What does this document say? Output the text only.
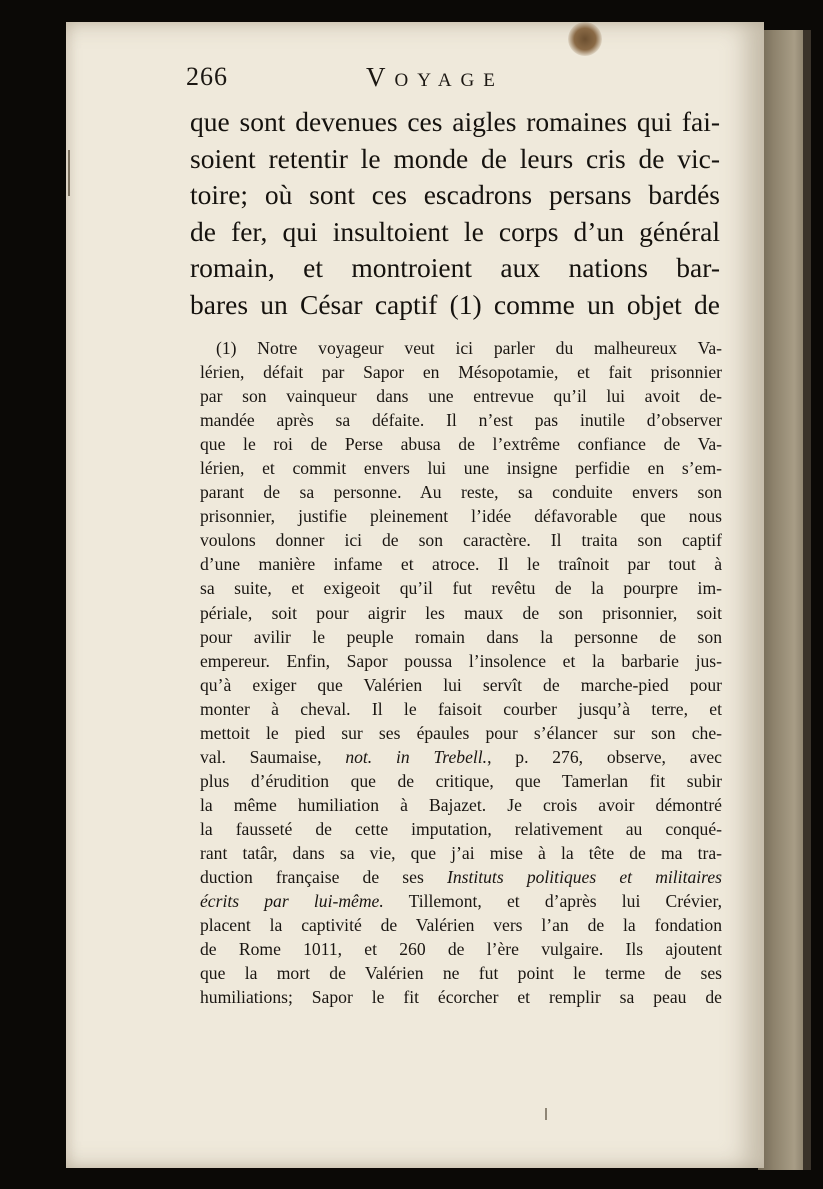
266	Voyage
que sont devenues ces aigles romaines qui fai-
soient retentir le monde de leurs cris de vic-
toire; où sont ces escadrons persans bardés
de fer, qui insultoient le corps d’un général
romain, et montroient aux nations bar-
bares un César captif (1) comme un objet de
(1) Notre voyageur veut ici parler du malheureux Va-
lérien, défait par Sapor en Mésopotamie, et fait prisonnier
par son vainqueur dans une entrevue qu’il lui avoit de-
mandée après sa défaite. Il n’est pas inutile d’observer
que le roi de Perse abusa de l’extrême confiance de Va-
lérien, et commit envers lui une insigne perfidie en s’em-
parant de sa personne. Au reste, sa conduite envers son
prisonnier, justifie pleinement l’idée défavorable que nous
voulons donner ici de son caractère. Il traita son captif
d’une manière infame et atroce. Il le traînoit par tout à
sa suite, et exigeoit qu’il fut revêtu de la pourpre im-
périale, soit pour aigrir les maux de son prisonnier, soit
pour avilir le peuple romain dans la personne de son
empereur. Enfin, Sapor poussa l’insolence et la barbarie jus-
qu’à exiger que Valérien lui servît de marche-pied pour
monter à cheval. Il le faisoit courber jusqu’à terre, et
mettoit le pied sur ses épaules pour s’élancer sur son che-
val. Saumaise, not. in Trebell., p. 276, observe, avec
plus d’érudition que de critique, que Tamerlan fit subir
la même humiliation à Bajazet. Je crois avoir démontré
la fausseté de cette imputation, relativement au conqué-
rant tatâr, dans sa vie, que j’ai mise à la tête de ma tra-
duction française de ses Instituts politiques et militaires
écrits par lui-même. Tillemont, et d’après lui Crévier,
placent la captivité de Valérien vers l’an de la fondation
de Rome 1011, et 260 de l’ère vulgaire. Ils ajoutent
que la mort de Valérien ne fut point le terme de ses
humiliations; Sapor le fit écorcher et remplir sa peau de
